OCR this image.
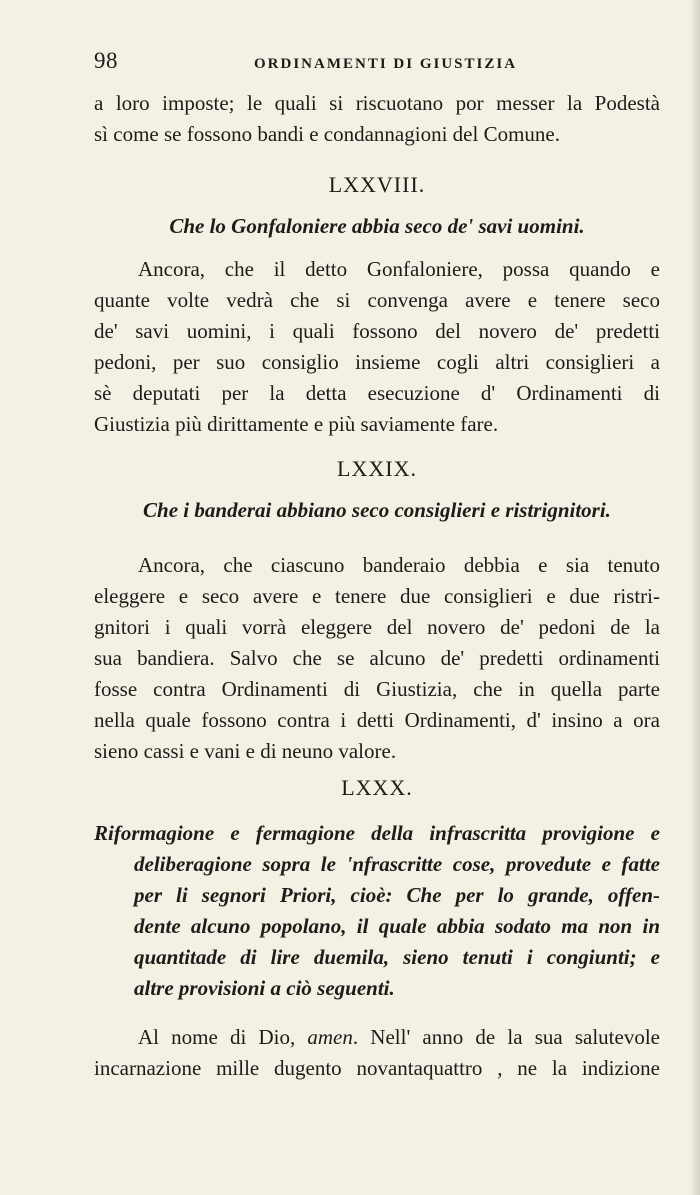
98	ORDINAMENTI DI GIUSTIZIA
a loro imposte; le quali si riscuotano por messer la Podestà
sì come se fossono bandi e condannagioni del Comune.
LXXVIII.
Che lo Gonfaloniere abbia seco de' savi uomini.
Ancora, che il detto Gonfaloniere, possa quando e
quante volte vedrà che si convenga avere e tenere seco
de' savi uomini, i quali fossono del novero de' predetti
pedoni, per suo consiglio insieme cogli altri consiglieri a
sè deputati per la detta esecuzione d' Ordinamenti di
Giustizia più dirittamente e più saviamente fare.
LXXIX.
Che i banderai abbiano seco consiglieri e ristrignitori.
Ancora, che ciascuno banderaio debbia e sia tenuto
eleggere e seco avere e tenere due consiglieri e due ristri-
gnitori i quali vorrà eleggere del novero de' pedoni de la
sua bandiera. Salvo che se alcuno de' predetti ordinamenti
fosse contra Ordinamenti di Giustizia, che in quella parte
nella quale fossono contra i detti Ordinamenti, d' insino a ora
sieno cassi e vani e di neuno valore.
LXXX.
Riformagione e fermagione della infrascritta provigione e
deliberagione sopra le 'nfrascritte cose, provedute e fatte
per li segnori Priori, cioè: Che per lo grande, offen-
dente alcuno popolano, il quale abbia sodato ma non in
quantitade di lire duemila, sieno tenuti i congiunti; e
altre provisioni a ciò seguenti.
Al nome di Dio, amen. Nell' anno de la sua salutevole
incarnazione mille dugento novantaquattro , ne la indizione
